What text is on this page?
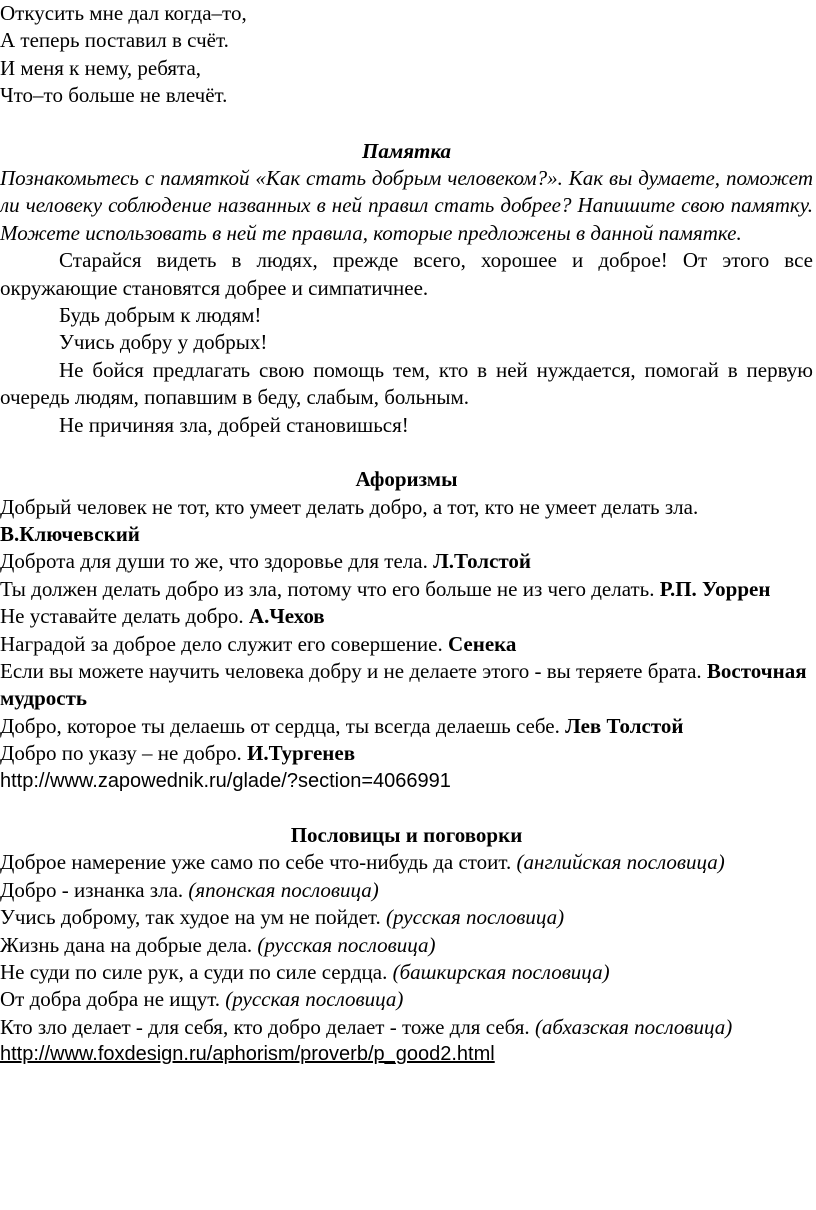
Откусить мне дал когда–то,

А теперь поставил в счёт.

И меня к нему, ребята,

Что–то больше не влечёт.

Памятка

Познакомьтесь с памяткой «Как стать добрым человеком?». Как вы думаете, поможет ли человеку соблюдение названных в ней правил стать добрее? Напишите свою памятку. Можете использовать в ней те правила, которые предложены в данной памятке.

Старайся видеть в людях, прежде всего, хорошее и доброе! От этого все окружающие становятся добрее и симпатичнее.

Будь добрым к людям!

Учись добру у добрых!

Не бойся предлагать свою помощь тем, кто в ней нуждается, помогай в первую очередь людям, попавшим в беду, слабым, больным.

Не причиняя зла, добрей становишься!

Афоризмы

Добрый человек не тот, кто умеет делать добро, а тот, кто не умеет делать зла. В.Ключевский

Доброта для души то же, что здоровье для тела. Л.Толстой

Ты должен делать добро из зла, потому что его больше не из чего делать. Р.П. Уоррен

Не уставайте делать добро. А.Чехов

Наградой за доброе дело служит его совершение. Сенека

Если вы можете научить человека добру и не делаете этого - вы теряете брата. Восточная мудрость

Добро, которое ты делаешь от сердца, ты всегда делаешь себе. Лев Толстой

Добро по указу – не добро. И.Тургенев

http://www.zapowednik.ru/glade/?section=4066991

Пословицы и поговорки

Доброе намерение уже само по себе что-нибудь да стоит. (английская пословица)

Добро - изнанка зла. (японская пословица)

Учись доброму, так худое на ум не пойдет. (русская пословица)

Жизнь дана на добрые дела. (русская пословица)

Не суди по силе рук, а суди по силе сердца. (башкирская пословица)

От добра добра не ищут. (русская пословица)

Кто зло делает - для себя, кто добро делает - тоже для себя. (абхазская пословица)

http://www.foxdesign.ru/aphorism/proverb/p_good2.html
